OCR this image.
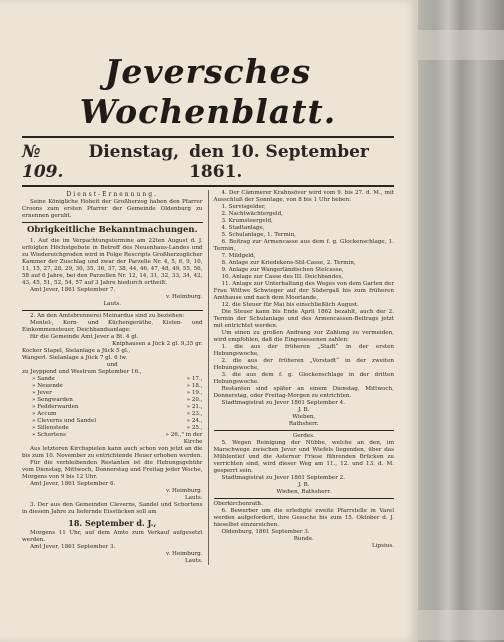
Jeversches Wochenblatt.
№ 109.
Dienstag, den 10. September 1861.
Dienst-Ernennung.

Seine Königliche Hoheit der Großherzog haben den Pfarrer Croons zum ersten Pfarrer der Gemeinde Oldenburg zu ernennen geruht.

Obrigkeitliche Bekanntmachungen.

1. Auf die im Verpachtungstermine am 22ten August d. J. erfolgten Höchstgebote in Betreff des Neuenhaus-Landes und zu Wiedereichgroden wird in Folge Rescripts Großherzoglicher Kammer der Zuschlag und zwar der Parzelle Nr. 4, 5, 6, 9, 10, 11, 15, 27, 28, 29, 30, 35, 36, 37, 38, 44, 46, 47, 48, 49, 55, 56, 58 auf 6 Jahre, bei den Parzellen Nr. 12, 14, 31, 32, 33, 34, 42, 43, 45, 51, 52, 54, 57 auf 3 Jahre hiedurch ertheilt.

Amt Jever, 1861 September 7.

v. Heimburg.

Lauts.

2. An den Amtsbrennerei Meinardus sind zu beziehen:

Mentel-, Korn- und Küchengeräthe, Kisten- und Einkommensteuer, Deichbandsanlage:

für die Gemeinde Amt Jever a Bt. 4 gl.

Kniphausen a Jück 2 gl. 9,35 gr.

Kocker Stapel, Sielanlage a Jück 5 gl.,

Wangerl. Sielanlage a Jück 7 gl. 6 lw.

und

zu Jeyppend und Westrum September 16.,

» Sande	» 17.,
» Neuende	» 18.,
» Jever	» 19.,
» Sengwarden	» 20.,
» Fedderwarden	» 21.,
» Accum	» 23.,
» Cleverns und Sandel	» 24.,
» Sillenstede	» 25.,
» Schortens	» 26.," in der Kirche

Aus letzteren Kirchspielen kann auch schon von jetzt an die bis zum 10. November zu entrichtende Heuer erhoben werden.

Für die verbleibenden Restanten ist die Hebungsgebühr vom Dienstag, Mittwoch, Donnerstag und Freitag jeder Woche, Morgens von 9 bis 12 Uhr.

Amt Jever, 1861 September 6.

v. Heimburg.

Lauts.

3. Der aus den Gemeinden Cleverns, Sandel und Schortens in diesem Jahre zu liefernde Eisstücken soll am

18. September d. J.,

Morgens 11 Uhr, auf dem Amte zum Verkauf aufgesetzt werden.

Amt Jever, 1861 September 3.

v. Heimburg.

Lauts.

4. Der Cämmerer Krahnsöver wird vom 9. bis 27. d. M., mit Ausschluß der Sonntage, von 8 bis 1 Uhr heben:

1. Servisgelder,

2. Nachtwächtergeld,

3. Krumsteergeld,

4. Stadtanlage,

5. Schulanlage, 1. Termin,

6. Beitrag zur Armencasse aus dem f. g. Glockenschlage, 1. Termin,

7. Mildgeld,

8. Anlage zur Kriedekens-Stil-Casse, 2. Termin,

9. Anlage zur Wangerländischen Stelcasse,

10. Anlage zur Casse des III. Deichbandes,

11. Anlage zur Unterhaltung des Weges von dem Garten der Frau Wittwe Schwieger auf der Südergaß bis zum früheren Amthause und nach dem Moorlande,

12. die Steuer für Mai bis einschließlich August.

Die Steuer kann bis Ende April 1862 bezahlt, auch der 2. Termin der Schulanlage und des Armencassen-Beitrags jetzt mit entrichtet werden.

Um einen zu großen Andrang zur Zahlung zu vermeiden, wird empfohlen, daß die Eingesessenen zahlen:

1. die aus der früheren „Stadt“ in der ersten Hebungswoche,

2. die aus der früheren „Vorstadt“ in der zweiten Hebungswoche,

3. die aus dem f. g. Glockenschlage in der dritten Hebungswoche.

Restanten sind später an einem Dienstag, Mittwoch, Donnerstag, oder Freitag-Morgen zu entrichten.

Stadtmagistrat zu Jever 1861 September 4.

J. B.

Wieben,

Rathsherr.

Gerdes.

5. Wegen Reinigung der Nübbe, welche an den, im Marschwege zwischen Jever und Wiefels liegenden, über das Mühlentief und die Asterner Friese führenden Brücken zu verrichten sind, wird dieser Weg am 11., 12. und 13. d. M. gesperrt sein.

Stadtmagistrat zu Jever 1861 September 2.

J. B.

Wieben, Rathsherr.

Oberkirchenrath.

6. Bewerber um die erledigte zweite Pfarrstelle in Varel werden aufgefordert, ihre Gesuche bis zum 15. Oktober d. J. hieselbst einzureichen.

Oldenburg, 1861 September 3.

Runde.

Lipsius.
